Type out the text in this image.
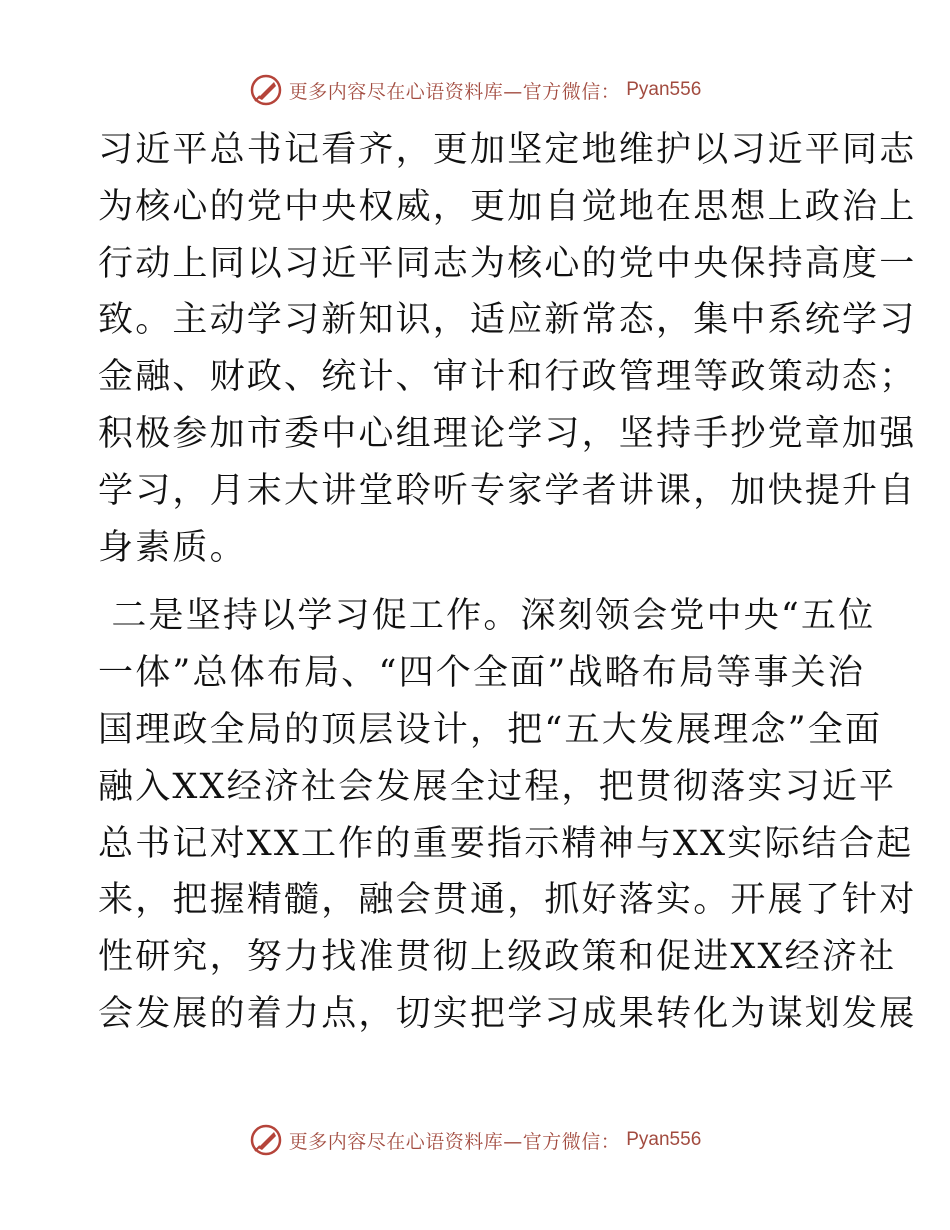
更多内容尽在心语资料库—官方微信： Pyan556

习近平总书记看齐，更加坚定地维护以习近平同志
为核心的党中央权威，更加自觉地在思想上政治上
行动上同以习近平同志为核心的党中央保持高度一
致。主动学习新知识，适应新常态，集中系统学习
金融、财政、统计、审计和行政管理等政策动态；
积极参加市委中心组理论学习，坚持手抄党章加强
学习，月末大讲堂聆听专家学者讲课，加快提升自
身素质。

二是坚持以学习促工作。深刻领会党中央“五位
一体”总体布局、“四个全面”战略布局等事关治
国理政全局的顶层设计，把“五大发展理念”全面
融入XX经济社会发展全过程，把贯彻落实习近平
总书记对XX工作的重要指示精神与XX实际结合起
来，把握精髓，融会贯通，抓好落实。开展了针对
性研究，努力找准贯彻上级政策和促进XX经济社
会发展的着力点，切实把学习成果转化为谋划发展

更多内容尽在心语资料库—官方微信： Pyan556
